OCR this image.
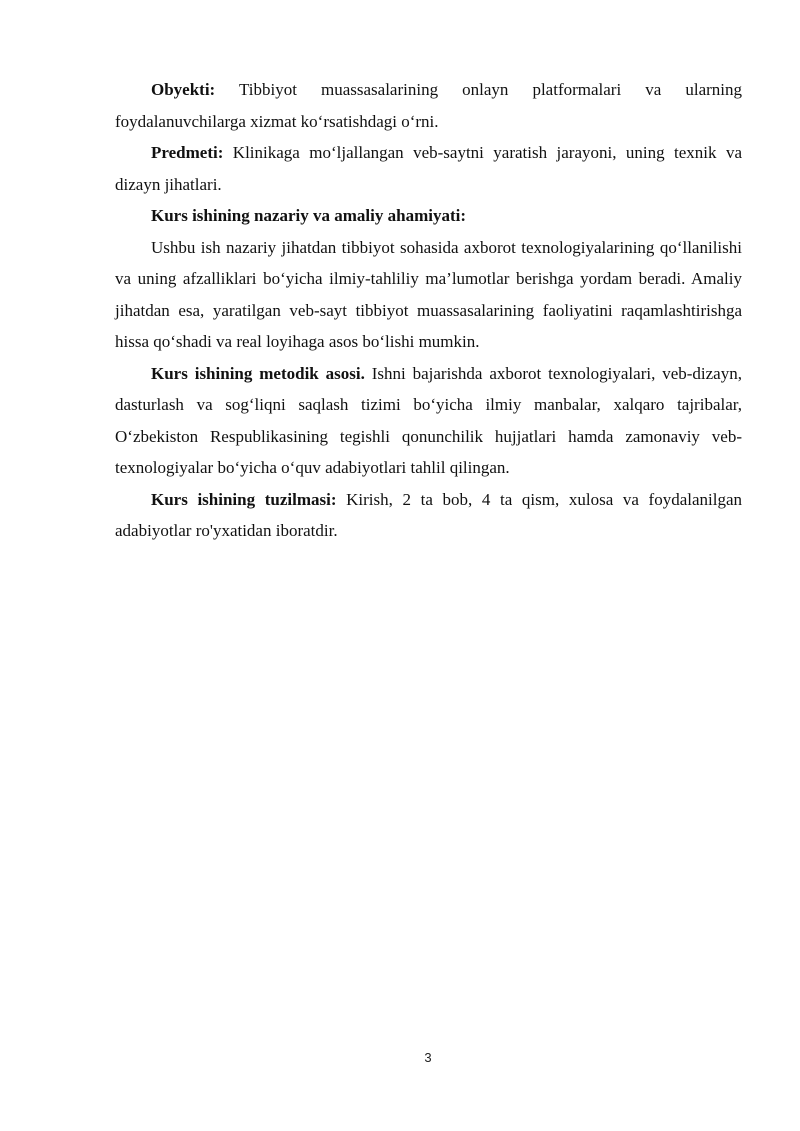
Obyekti: Tibbiyot muassasalarining onlayn platformalari va ularning foydalanuvchilarga xizmat ko‘rsatishdagi o‘rni.

Predmeti: Klinikaga mo‘ljallangan veb-saytni yaratish jarayoni, uning texnik va dizayn jihatlari.

Kurs ishining nazariy va amaliy ahamiyati:

Ushbu ish nazariy jihatdan tibbiyot sohasida axborot texnologiyalarining qo‘llanilishi va uning afzalliklari bo‘yicha ilmiy-tahliliy ma’lumotlar berishga yordam beradi. Amaliy jihatdan esa, yaratilgan veb-sayt tibbiyot muassasalarining faoliyatini raqamlashtirishga hissa qo‘shadi va real loyihaga asos bo‘lishi mumkin.

Kurs ishining metodik asosi. Ishni bajarishda axborot texnologiyalari, veb-dizayn, dasturlash va sog‘liqni saqlash tizimi bo‘yicha ilmiy manbalar, xalqaro tajribalar, O‘zbekiston Respublikasining tegishli qonunchilik hujjatlari hamda zamonaviy veb-texnologiyalar bo‘yicha o‘quv adabiyotlari tahlil qilingan.

Kurs ishining tuzilmasi: Kirish, 2 ta bob, 4 ta qism, xulosa va foydalanilgan adabiyotlar ro'yxatidan iboratdir.

3
